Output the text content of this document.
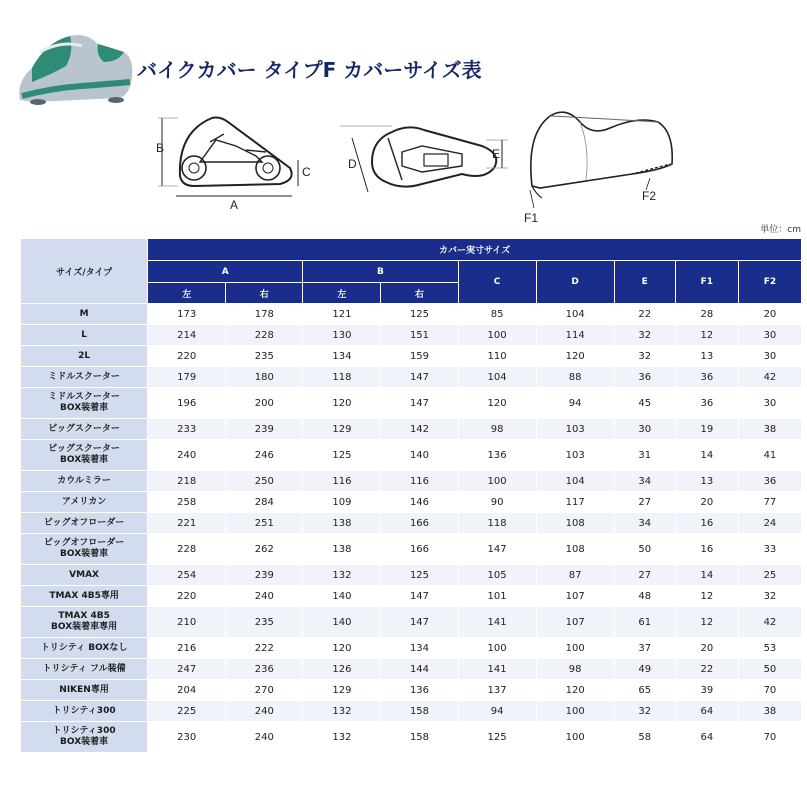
バイクカバー タイプF カバーサイズ表
B
C
A
D
E
F1
F2
単位：cm
サイズ/タイプ	カバー実寸サイズ								
	A		B		C	D	E	F1	F2
	左	右	左	右					

M	173	178	121	125	85	104	22	28	20

L	214	228	130	151	100	114	32	12	30

2L	220	235	134	159	110	120	32	13	30

ミドルスクーター	179	180	118	147	104	88	36	36	42

ミドルスクーター
BOX装着車	196	200	120	147	120	94	45	36	30

ビッグスクーター	233	239	129	142	98	103	30	19	38

ビッグスクーター
BOX装着車	240	246	125	140	136	103	31	14	41

カウルミラー	218	250	116	116	100	104	34	13	36

アメリカン	258	284	109	146	90	117	27	20	77

ビッグオフローダー	221	251	138	166	118	108	34	16	24

ビッグオフローダー
BOX装着車	228	262	138	166	147	108	50	16	33

VMAX	254	239	132	125	105	87	27	14	25

TMAX 4B5専用	220	240	140	147	101	107	48	12	32

TMAX 4B5
BOX装着車専用	210	235	140	147	141	107	61	12	42

トリシティ BOXなし	216	222	120	134	100	100	37	20	53

トリシティ フル装備	247	236	126	144	141	98	49	22	50

NIKEN専用	204	270	129	136	137	120	65	39	70

トリシティ300	225	240	132	158	94	100	32	64	38

トリシティ300
BOX装着車	230	240	132	158	125	100	58	64	70
